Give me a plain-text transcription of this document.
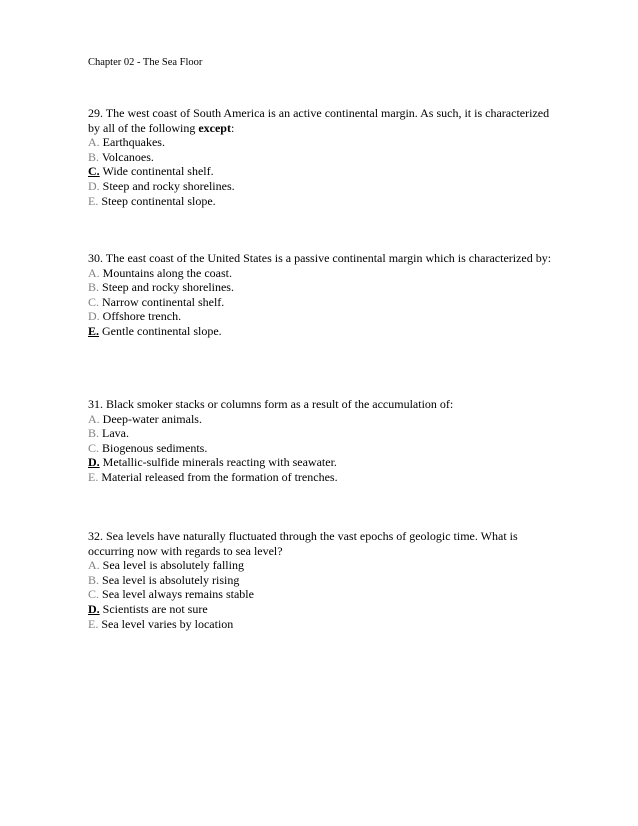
Chapter 02 - The Sea Floor

29. The west coast of South America is an active continental margin. As such, it is characterized by all of the following except:

A. Earthquakes.
B. Volcanoes.
C. Wide continental shelf.
D. Steep and rocky shorelines.
E. Steep continental slope.

30. The east coast of the United States is a passive continental margin which is characterized by:

A. Mountains along the coast.
B. Steep and rocky shorelines.
C. Narrow continental shelf.
D. Offshore trench.
E. Gentle continental slope.

31. Black smoker stacks or columns form as a result of the accumulation of:

A. Deep-water animals.
B. Lava.
C. Biogenous sediments.
D. Metallic-sulfide minerals reacting with seawater.
E. Material released from the formation of trenches.

32. Sea levels have naturally fluctuated through the vast epochs of geologic time. What is occurring now with regards to sea level?

A. Sea level is absolutely falling
B. Sea level is absolutely rising
C. Sea level always remains stable
D. Scientists are not sure
E. Sea level varies by location
